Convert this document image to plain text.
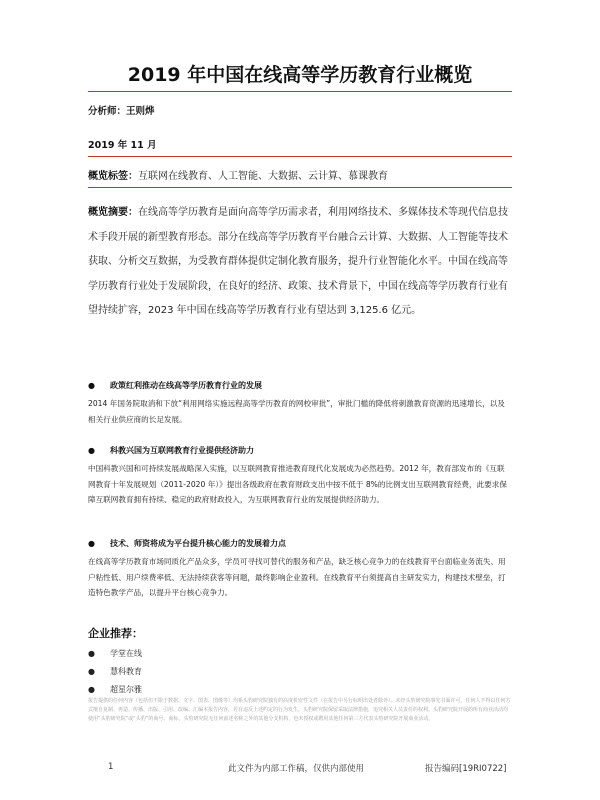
2019 年中国在线高等学历教育行业概览
分析师：王则烨
2019 年 11 月
概览标签：互联网在线教育、人工智能、大数据、云计算、慕课教育
概览摘要：在线高等学历教育是面向高等学历需求者，利用网络技术、多媒体技术等现代信息技术手段开展的新型教育形态。部分在线高等学历教育平台融合云计算、大数据、人工智能等技术获取、分析交互数据，为受教育群体提供定制化教育服务，提升行业智能化水平。中国在线高等学历教育行业处于发展阶段，在良好的经济、政策、技术背景下，中国在线高等学历教育行业有望持续扩容，2023 年中国在线高等学历教育行业有望达到 3,125.6 亿元。
● 政策红利推动在线高等学历教育行业的发展
2014 年国务院取消和下放“利用网络实施远程高等学历教育的网校审批”，审批门槛的降低将刺激教育资源的迅速增长，以及相关行业供应商的长足发展。
● 科教兴国为互联网教育行业提供经济助力
中国科教兴国和可持续发展战略深入实施，以互联网教育推进教育现代化发展成为必然趋势。2012 年，教育部发布的《互联网教育十年发展规划（2011-2020 年）》提出各级政府在教育财政支出中按不低于 8%的比例支出互联网教育经费，此要求保障互联网教育拥有持续、稳定的政府财政投入，为互联网教育行业的发展提供经济助力。
● 技术、师资将成为平台提升核心能力的发展着力点
在线高等学历教育市场同质化产品众多，学员可寻找可替代的服务和产品，缺乏核心竞争力的在线教育平台面临业务流失、用户粘性低、用户续费率低、无法持续获客等问题，最终影响企业盈利。在线教育平台须提高自主研发实力，构建技术壁垒，打造特色教学产品，以提升平台核心竞争力。
企业推荐：
● 学堂在线
● 慧科教育
● 超星尔雅
报告提供的任何内容（包括但不限于数据、文字、图表、图像等）均系头豹研究院独有的高度机密性文件（在报告中另行标明出处者除外）。未经头豹研究院事先书面许可，任何人不得以任何方式擅自复制、再造、传播、出版、引用、改编、汇编本报告内容，若有违反上述约定的行为发生，头豹研究院保留采取法律措施，追究相关人员责任的权利。头豹研究院开展的所有商业活动均使用“头豹研究院”或“头豹”的商号、商标，头豹研究院无任何前述名称之外的其他分支机构，也未授权或聘用其他任何第三方代表头豹研究院开展商业活动。
1	此文件为内部工作稿，仅供内部使用	报告编码[19RI0722]
